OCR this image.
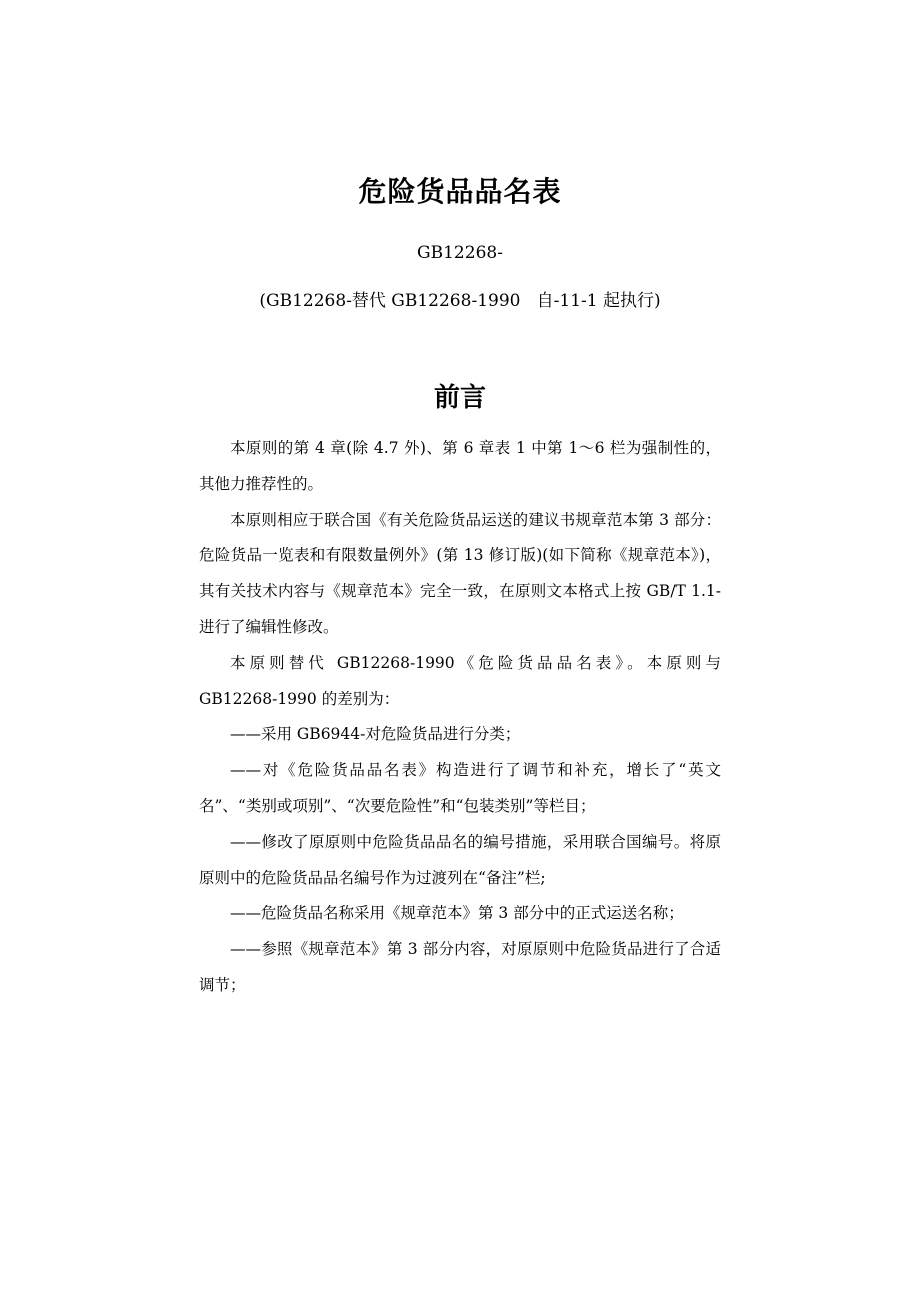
危险货品品名表
GB12268-
(GB12268-替代 GB12268-1990   自-11-1 起执行)
前言

本原则的第 4 章(除 4.7 外)、第 6 章表 1 中第 1～6 栏为强制性的，其他力推荐性的。

本原则相应于联合国《有关危险货品运送的建议书规章范本第 3 部分：危险货品一览表和有限数量例外》(第 13 修订版)(如下简称《规章范本》)，其有关技术内容与《规章范本》完全一致，在原则文本格式上按 GB/T 1.1-进行了编辑性修改。

本原则替代 GB12268-1990《危险货品品名表》。本原则与 GB12268-1990 的差别为：

——采用 GB6944-对危险货品进行分类；

——对《危险货品品名表》构造进行了调节和补充，增长了“英文名”、“类别或项别”、“次要危险性”和“包装类别”等栏目；

——修改了原原则中危险货品品名的编号措施，采用联合国编号。将原原则中的危险货品品名编号作为过渡列在“备注”栏;

——危险货品名称采用《规章范本》第 3 部分中的正式运送名称；

——参照《规章范本》第 3 部分内容，对原原则中危险货品进行了合适调节；
